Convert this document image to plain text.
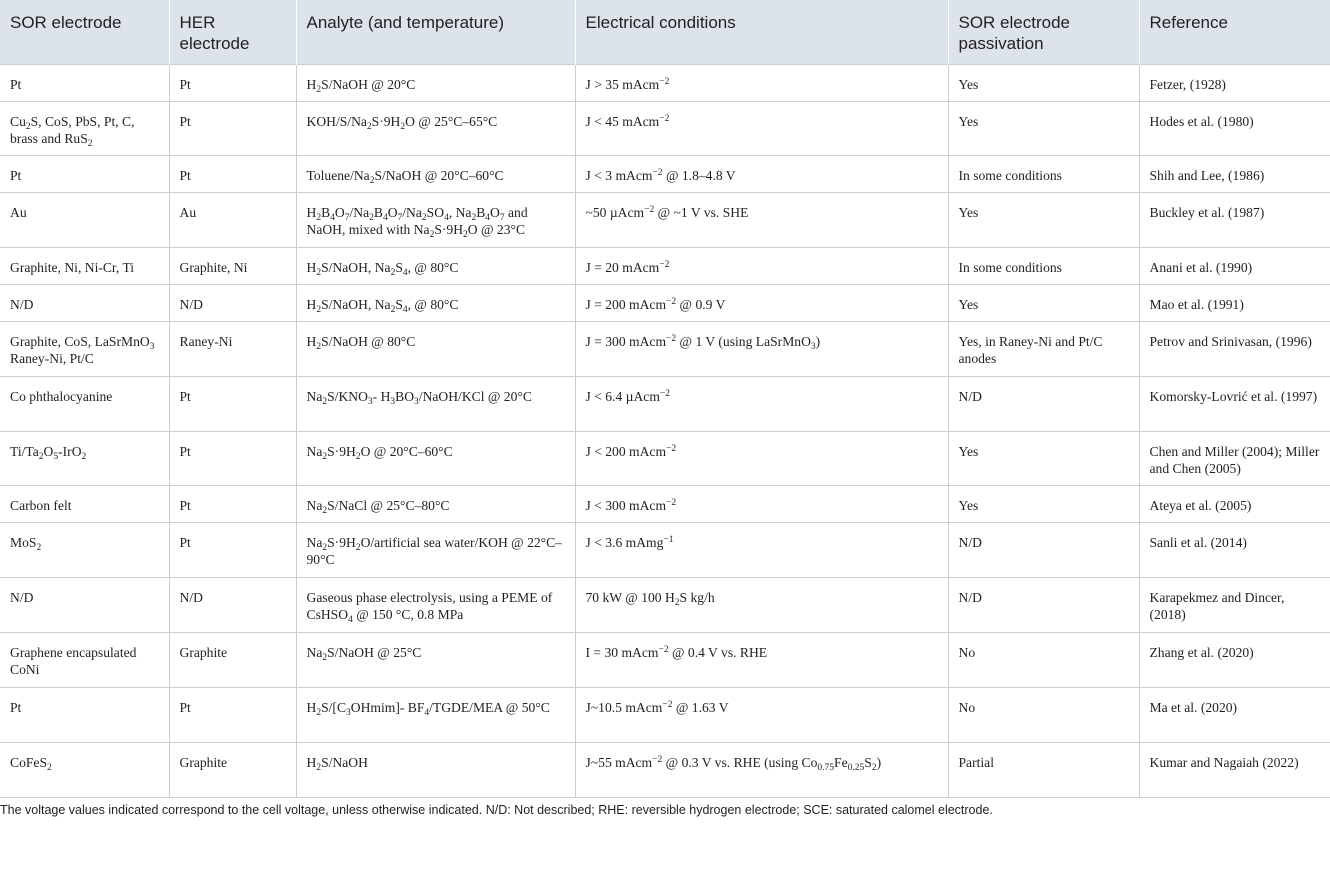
SOR electrode	HER electrode	Analyte (and temperature)	Electrical conditions	SOR electrode passivation	Reference
Pt	Pt	$H_2S$/NaOH @ 20°C	J > 35 mAcm$^{-2}$	Yes	Fetzer, (1928)
$Cu_2S$, CoS, PbS, Pt, C, brass and RuS$_2$	Pt	KOH/$S/Na_2S\cdot 9H_2O$ @ 25°C–65°C	J < 45 mAcm$^{-2}$	Yes	Hodes et al. (1980)
Pt	Pt	Toluene/$Na_2S$/NaOH @ 20°C–60°C	J < 3 mAcm$^{-2}$ @ 1.8–4.8 V	In some conditions	Shih and Lee, (1986)
Au	Au	$H_2B_4O_7/Na_2B_4O_7/Na_2SO_4$, $Na_2B_4O_7$ and NaOH, mixed with $Na_2S\cdot 9H_2O$ @ 23°C	~50 µAcm$^{-2}$ @ ~1 V vs. SHE	Yes	Buckley et al. (1987)
Graphite, Ni, Ni-Cr, Ti	Graphite, Ni	$H_2S$/NaOH, $Na_2S_4$, @ 80°C	J = 20 mAcm$^{-2}$	In some conditions	Anani et al. (1990)
N/D	N/D	$H_2S$/NaOH, $Na_2S_4$, @ 80°C	J = 200 mAcm$^{-2}$ @ 0.9 V	Yes	Mao et al. (1991)
Graphite, CoS, LaSrMnO$_3$ Raney-Ni, Pt/C	Raney-Ni	$H_2S$/NaOH @ 80°C	J = 300 mAcm$^{-2}$ @ 1 V (using LaSrMnO$_3$)	Yes, in Raney-Ni and Pt/C anodes	Petrov and Srinivasan, (1996)
Co phthalocyanine	Pt	$Na_2S/KNO_3-$ $H_3BO_3/NaOH$/KCl @ 20°C	J < 6.4 µAcm$^{-2}$	N/D	Komorsky-Lovrić et al. (1997)
$Ti/Ta_2O_5-IrO_2$	Pt	$Na_2S\cdot 9H_2O$ @ 20°C–60°C	J < 200 mAcm$^{-2}$	Yes	Chen and Miller (2004); Miller and Chen (2005)
Carbon felt	Pt	$Na_2S$/NaCl @ 25°C–80°C	J < 300 mAcm$^{-2}$	Yes	Ateya et al. (2005)
MoS$_2$	Pt	$Na_2S\cdot 9H_2O$/artificial sea water/KOH @ 22°C–90°C	J < 3.6 mAmg$^{-1}$	N/D	Sanli et al. (2014)
N/D	N/D	Gaseous phase electrolysis, using a PEME of CsHSO$_4$ @ 150 °C, 0.8 MPa	70 kW @ 100 $H_2S$ kg/h	N/D	Karapekmez and Dincer, (2018)
Graphene encapsulated CoNi	Graphite	$Na_2S$/NaOH @ 25°C	I = 30 mAcm$^{-2}$ @ 0.4 V vs. RHE	No	Zhang et al. (2020)
Pt	Pt	$H_2S/[C_3OHmim]-$ $BF_4/TGDE$/MEA @ 50°C	J~10.5 mAcm$^{-2}$ @ 1.63 V	No	Ma et al. (2020)
CoFeS$_2$	Graphite	$H_2S$/NaOH	J~55 mAcm$^{-2}$ @ 0.3 V vs. RHE (using $Co_{0.75}Fe_{0.25}S_2$)	Partial	Kumar and Nagaiah (2022)

The voltage values indicated correspond to the cell voltage, unless otherwise indicated. N/D: Not described; RHE: reversible hydrogen electrode; SCE: saturated calomel electrode.
